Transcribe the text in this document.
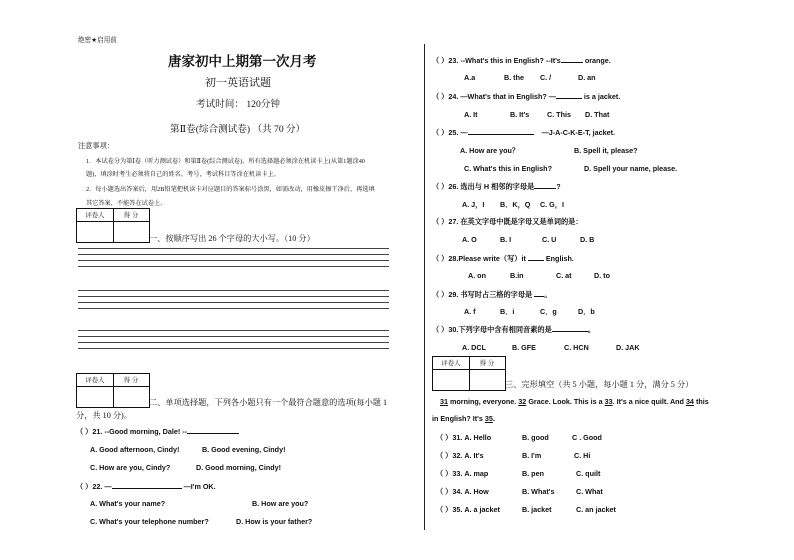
绝密★启用前
唐家初中上期第一次月考
初一英语试题
考试时间： 120分钟
第Ⅱ卷(综合测试卷) （共 70 分）
注意事项：
1．本试卷分为第Ⅰ卷（听力测试卷）和第Ⅱ卷(综合测试卷)，所有选择题必须涂在机读卡上(从第1题涂40
题)，填涂时考生必须将自己的姓名、考号，考试科目等涂在机读卡上。
2．每小题选出答案后，用2B铅笔把机读卡对应题目的答案标号涂黑，如需改动，用橡皮擦干净后，再选填
其它答案，不能答在试卷上。
评卷人	得 分
一、按顺序写出 26 个字母的大小写。（10 分）
评卷人	得 分
二、单项选择题，下列各小题只有一个最符合题意的选项(每小题 1
分，共 10 分)。
（ ）21. --Good morning, Dale! --
A. Good afternoon, Cindy!	B. Good evening, Cindy!
C. How are you, Cindy?	D. Good morning, Cindy!
（ ）22. —	—I'm OK.
A. What's your name?	B. How are you?
C. What's your telephone number?	D. How is your father?
（ ）23. --What's this in English? --It's	orange.
A.a	B. the C. /	D. an
（ ）24. —What's that in English? —	is a jacket.
A. It	B. It's C. This D. That
（ ）25. —	—J-A-C-K-E-T, jacket.
A. How are you？	B. Spell it, please?
C. What's this in English?	D. Spell your name, please.
（ ）26. 选出与 H 相邻的字母是	?
A. J，I B．K，Q C. G，I
（ ）27. 在英文字母中既是字母又是单词的是：
A. O	B. I	C. U	D. B
（ ）28.Please write（写）it	English.
A. on	B.in	C. at	D. to
（ ）29. 书写时占三格的字母是 。
A. f	B．i	C．g	D．b
（ ）30.下列字母中含有相同音素的是	。
A. DCL	B. GFE	C. HCN	D. JAK
评卷人	得 分
三、完形填空（共 5 小题，每小题 1 分，满分 5 分）
31 morning, everyone. 32 Grace. Look. This is a 33. It's a nice quilt. And 34 this
in English? It's 35.
（ ）31. A. Hello	B. good	C . Good
（ ）32. A. It's	B. I'm	C. Hi
（ ）33. A. map	B. pen	C. quilt
（ ）34. A. How	B. What's	C. What
（ ）35. A. a jacket	B. jacket	C. an jacket
